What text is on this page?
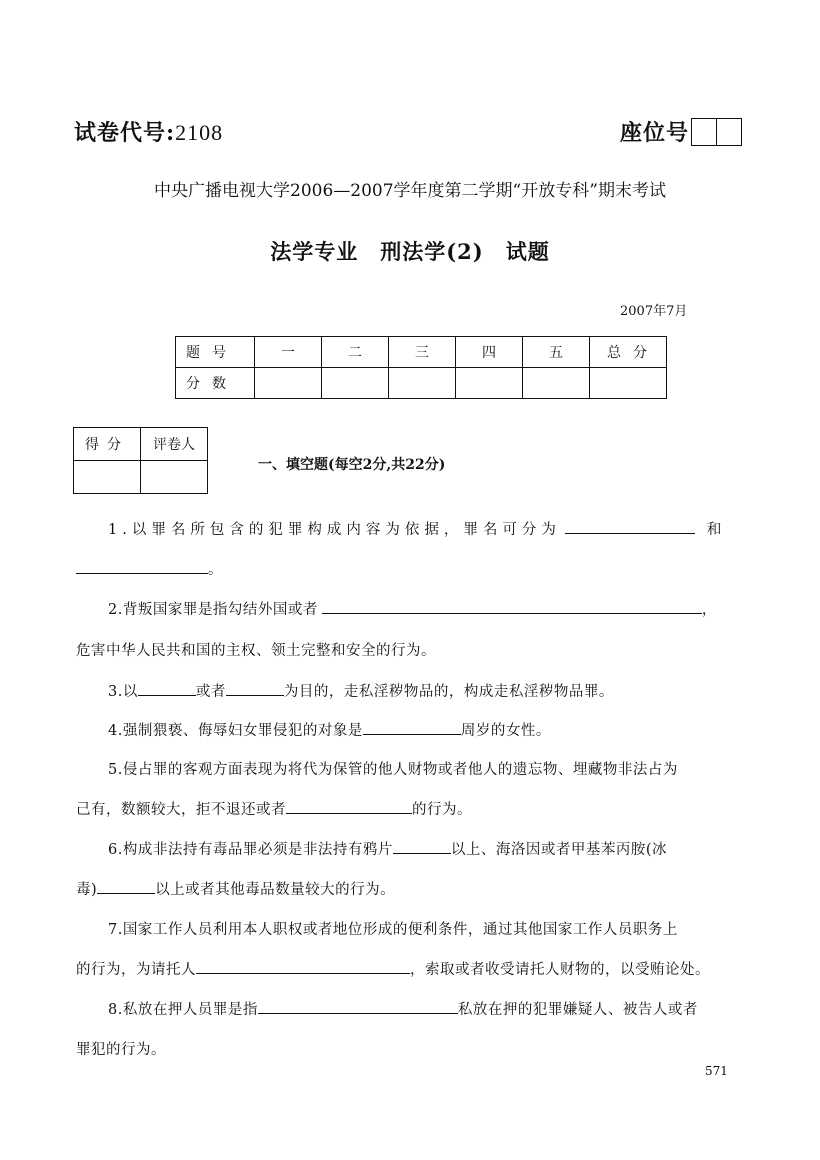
试卷代号:2108	座位号
中央广播电视大学2006—2007学年度第二学期“开放专科”期末考试
法学专业　刑法学(2)　试题
2007年7月
题号	一	二	三	四	五	总分
分数						
得分	评卷人

一、填空题(每空2分,共22分)
1.以罪名所包含的犯罪构成内容为依据，罪名可分为	和
。
2.背叛国家罪是指勾结外国或者	，
危害中华人民共和国的主权、领土完整和安全的行为。
3.以	或者	为目的，走私淫秽物品的，构成走私淫秽物品罪。
4.强制猥亵、侮辱妇女罪侵犯的对象是	周岁的女性。
5.侵占罪的客观方面表现为将代为保管的他人财物或者他人的遗忘物、埋藏物非法占为
己有，数额较大，拒不退还或者	的行为。
6.构成非法持有毒品罪必须是非法持有鸦片	以上、海洛因或者甲基苯丙胺(冰
毒)	以上或者其他毒品数量较大的行为。
7.国家工作人员利用本人职权或者地位形成的便利条件，通过其他国家工作人员职务上
的行为，为请托人	，索取或者收受请托人财物的，以受贿论处。
8.私放在押人员罪是指	私放在押的犯罪嫌疑人、被告人或者
罪犯的行为。
571
